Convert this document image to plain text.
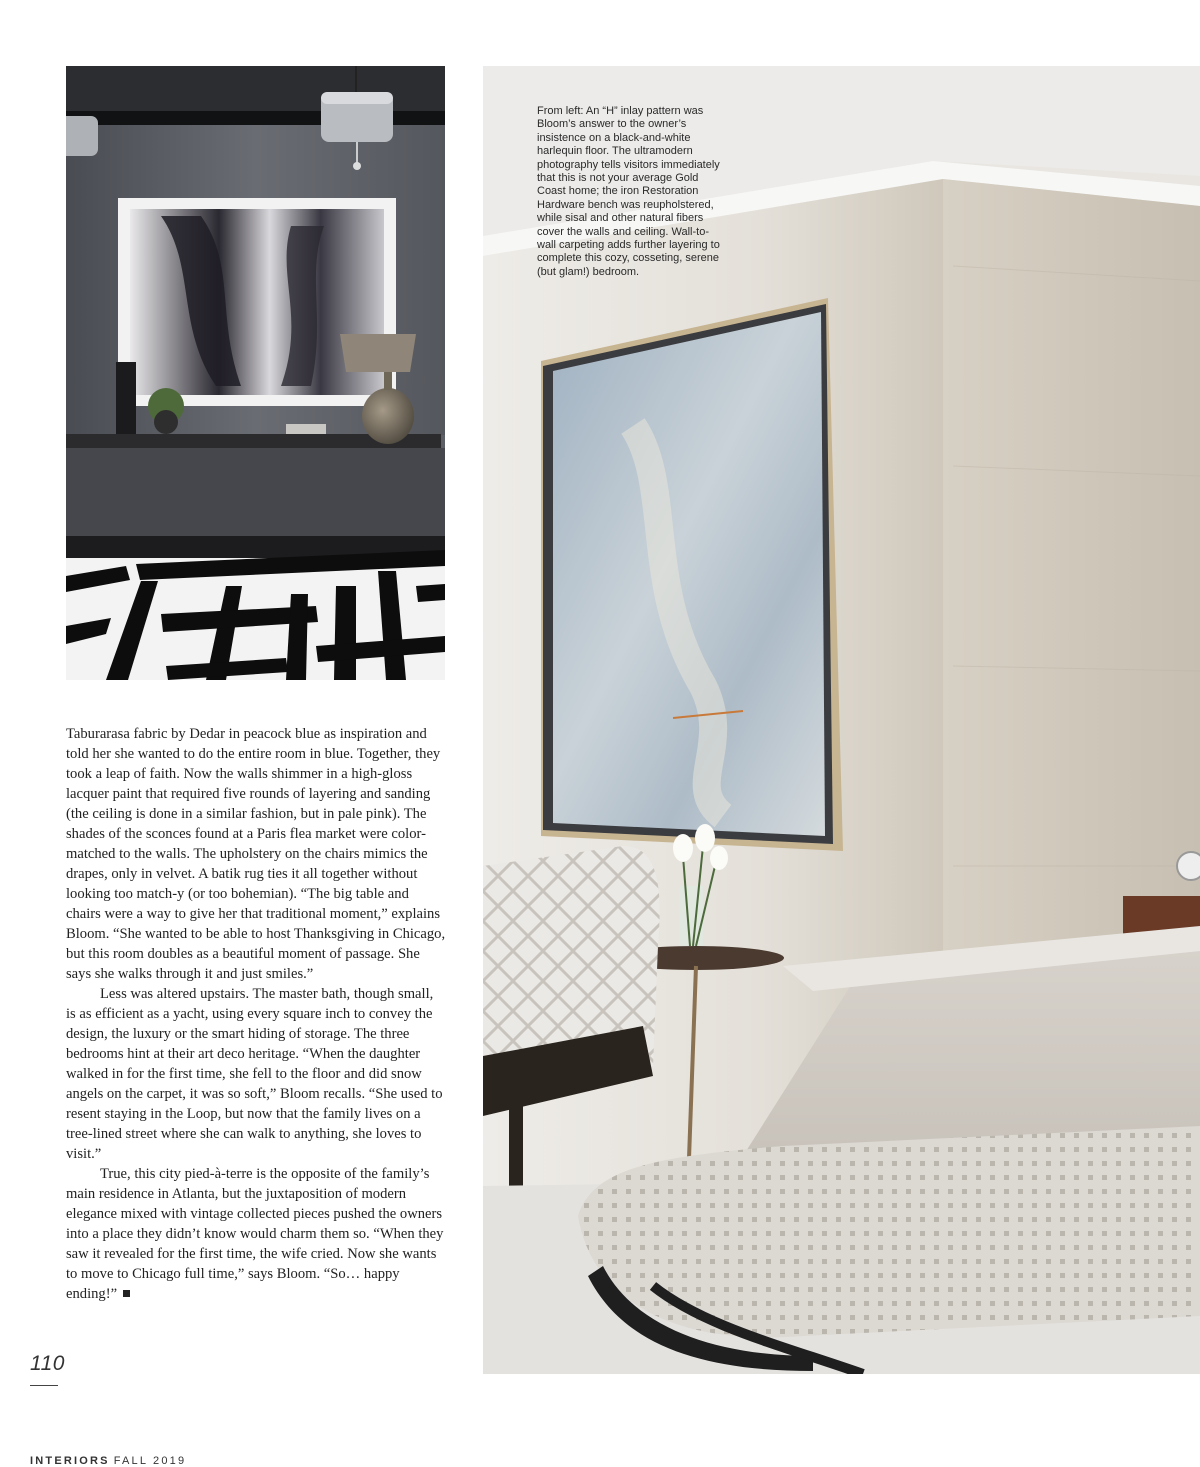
From left: An “H” inlay pattern was Bloom’s answer to the owner’s insistence on a black-and-white harlequin floor. The ultramodern photography tells visitors immediately that this is not your average Gold Coast home; the iron Restoration Hardware bench was reupholstered, while sisal and other natural fibers cover the walls and ceiling. Wall-to-wall carpeting adds further layering to complete this cozy, cosseting, serene (but glam!) bedroom.

Taburarasa fabric by Dedar in peacock blue as inspiration and told her she wanted to do the entire room in blue. Together, they took a leap of faith. Now the walls shimmer in a high-gloss lacquer paint that required five rounds of layering and sanding (the ceiling is done in a similar fashion, but in pale pink). The shades of the sconces found at a Paris flea market were color-matched to the walls. The upholstery on the chairs mimics the drapes, only in velvet. A batik rug ties it all together without looking too match-y (or too bohemian). “The big table and chairs were a way to give her that traditional moment,” explains Bloom. “She wanted to be able to host Thanksgiving in Chicago, but this room doubles as a beautiful moment of passage. She says she walks through it and just smiles.”

Less was altered upstairs. The master bath, though small, is as efficient as a yacht, using every square inch to convey the design, the luxury or the smart hiding of storage. The three bedrooms hint at their art deco heritage. “When the daughter walked in for the first time, she fell to the floor and did snow angels on the carpet, it was so soft,” Bloom recalls. “She used to resent staying in the Loop, but now that the family lives on a tree-lined street where she can walk to anything, she loves to visit.”

True, this city pied-à-terre is the opposite of the family’s main residence in Atlanta, but the juxtaposition of modern elegance mixed with vintage collected pieces pushed the owners into a place they didn’t know would charm them so. “When they saw it revealed for the first time, the wife cried. Now she wants to move to Chicago full time,” says Bloom. “So… happy ending!”

110
INTERIORS FALL 2019
